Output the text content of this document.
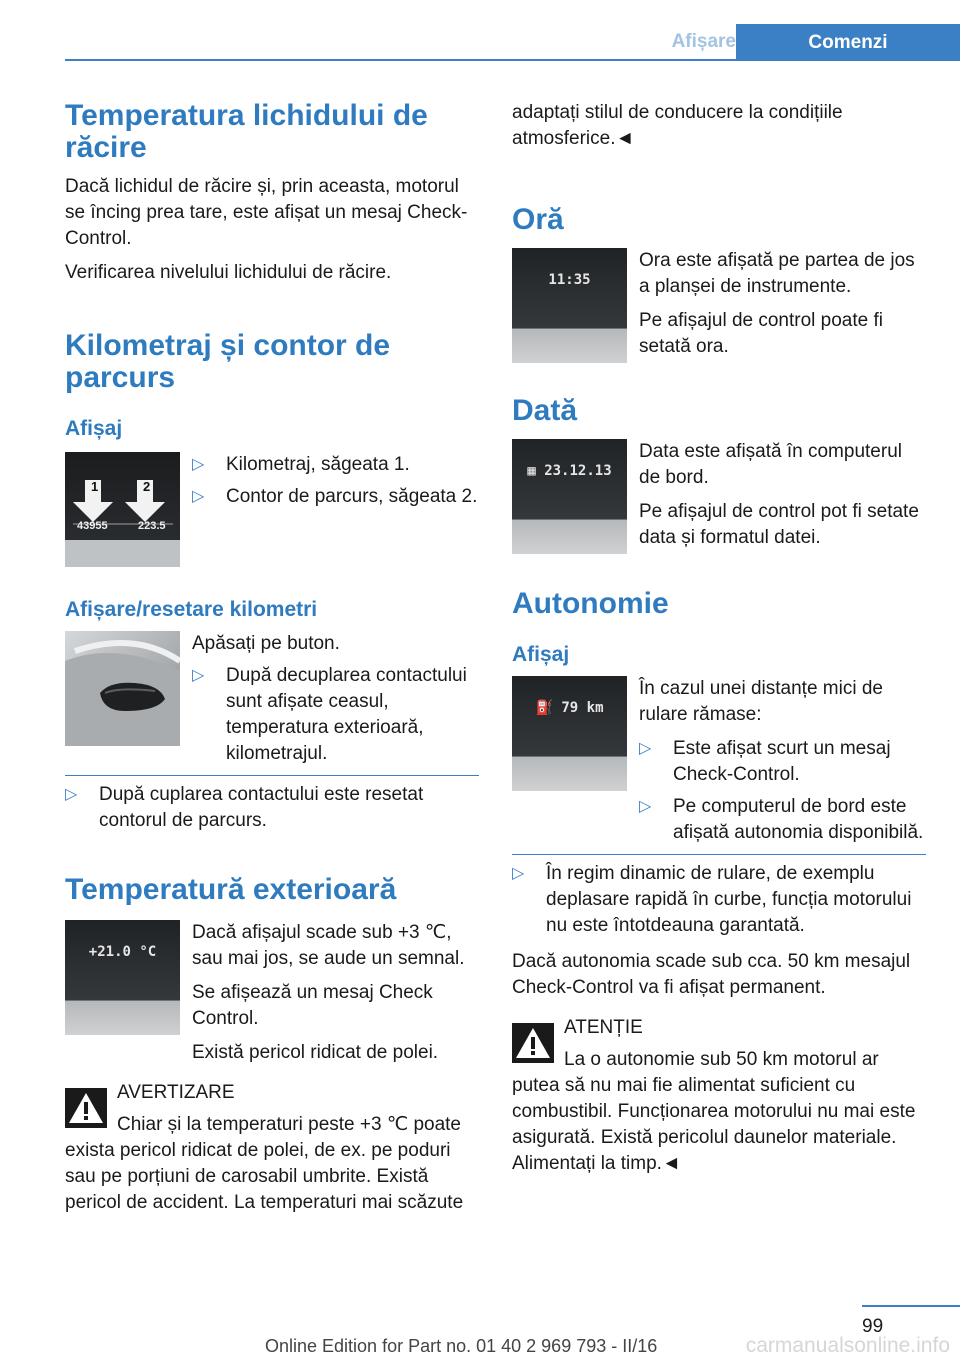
Afișare	Comenzi
Temperatura lichidului de răcire

Dacă lichidul de răcire și, prin aceasta, motorul se încing prea tare, este afișat un mesaj Check-Control.

Verificarea nivelului lichidului de răcire.

Kilometraj și contor de parcurs
Afișaj
▷ Kilometraj, săgeata 1.
▷ Contor de parcurs, săgeata 2.
1	2
43955	223.5
Afișare/resetare kilometri

Apăsați pe buton.

▷ După decuplarea contactului sunt afișate ceasul, temperatura exterioară, kilometrajul.
▷ După cuplarea contactului este resetat contorul de parcurs.
Temperatură exterioară
+21.0 °C

Dacă afișajul scade sub +3 ℃, sau mai jos, se aude un semnal.

Se afișează un mesaj Check Control.

Există pericol ridicat de polei.

AVERTIZARE

Chiar și la temperaturi peste +3 ℃ poate exista pericol ridicat de polei, de ex. pe poduri sau pe porțiuni de carosabil umbrite. Există pericol de accident. La temperaturi mai scăzute

adaptați stilul de conducere la condițiile atmosferice.◄

Oră
11:35

Ora este afișată pe partea de jos a planșei de instrumente.

Pe afișajul de control poate fi setată ora.

Dată
▦ 23.12.13

Data este afișată în computerul de bord.

Pe afișajul de control pot fi setate data și formatul datei.

Autonomie
Afișaj
⛽ 79 km

În cazul unei distanțe mici de rulare rămase:

▷ Este afișat scurt un mesaj Check-Control.
▷ Pe computerul de bord este afișată autonomia disponibilă.
▷ În regim dinamic de rulare, de exemplu deplasare rapidă în curbe, funcția motorului nu este întotdeauna garantată.

Dacă autonomia scade sub cca. 50 km mesajul Check-Control va fi afișat permanent.

ATENȚIE

La o autonomie sub 50 km motorul ar putea să nu mai fie alimentat suficient cu combustibil. Funcționarea motorului nu mai este asigurată. Există pericolul daunelor materiale. Alimentați la timp.◄

99
Online Edition for Part no. 01 40 2 969 793 - II/16	carmanualsonline.info
